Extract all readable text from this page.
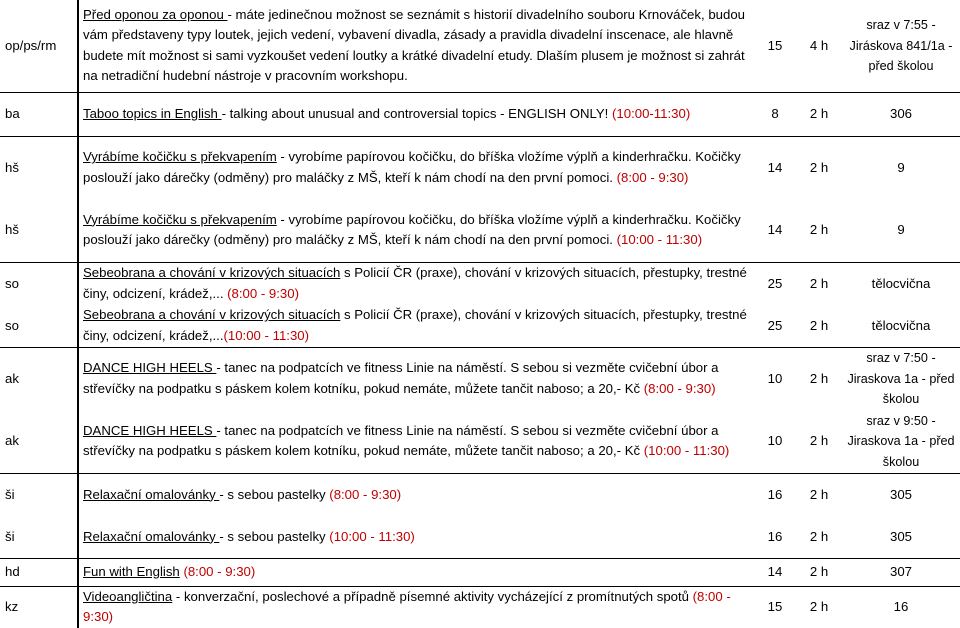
op/ps/rm	Před oponou za oponou - máte jedinečnou možnost se seznámit s historií divadelního souboru Krnováček, budou vám představeny typy loutek, jejich vedení, vybavení divadla, zásady a pravidla divadelní inscenace, ale hlavně budete mít možnost si sami vyzkoušet vedení loutky a krátké divadelní etudy. Dlaším plusem je možnost si zahrát na netradiční hudební nástroje v pracovním workshopu.	15	4 h	sraz v 7:55 - Jiráskova 841/1a - před školou
ba	Taboo topics in English - talking about unusual and controversial topics - ENGLISH ONLY! (10:00-11:30)	8	2 h	306
hš	Vyrábíme kočičku s překvapením - vyrobíme papírovou kočičku, do bříška vložíme výplň a kinderhračku. Kočičky poslouží jako dárečky (odměny) pro maláčky z MŠ, kteří k nám chodí na den první pomoci. (8:00 - 9:30)	14	2 h	9
hš	Vyrábíme kočičku s překvapením - vyrobíme papírovou kočičku, do bříška vložíme výplň a kinderhračku. Kočičky poslouží jako dárečky (odměny) pro maláčky z MŠ, kteří k nám chodí na den první pomoci. (10:00 - 11:30)	14	2 h	9
so	Sebeobrana a chování v krizových situacích s Policií ČR (praxe), chování v krizových situacích, přestupky, trestné činy, odcizení, krádež,... (8:00 - 9:30)	25	2 h	tělocvična
so	Sebeobrana a chování v krizových situacích s Policií ČR (praxe), chování v krizových situacích, přestupky, trestné činy, odcizení, krádež,...(10:00 - 11:30)	25	2 h	tělocvična
ak	DANCE HIGH HEELS - tanec na podpatcích ve fitness Linie na náměstí. S sebou si vezměte cvičební úbor a střevíčky na podpatku s páskem kolem kotníku, pokud nemáte, můžete tančit naboso; a 20,- Kč (8:00 - 9:30)	10	2 h	sraz v 7:50 - Jiraskova 1a - před školou
ak	DANCE HIGH HEELS - tanec na podpatcích ve fitness Linie na náměstí. S sebou si vezměte cvičební úbor a střevíčky na podpatku s páskem kolem kotníku, pokud nemáte, můžete tančit naboso; a 20,- Kč (10:00 - 11:30)	10	2 h	sraz v 9:50 - Jiraskova 1a - před školou
ši	Relaxační omalovánky - s sebou pastelky (8:00 - 9:30)	16	2 h	305
ši	Relaxační omalovánky - s sebou pastelky (10:00 - 11:30)	16	2 h	305
hd	Fun with English (8:00 - 9:30)	14	2 h	307
kz	Videoangličtina - konverzační, poslechové a případně písemné aktivity vycházející z promítnutých spotů (8:00 - 9:30)	15	2 h	16
